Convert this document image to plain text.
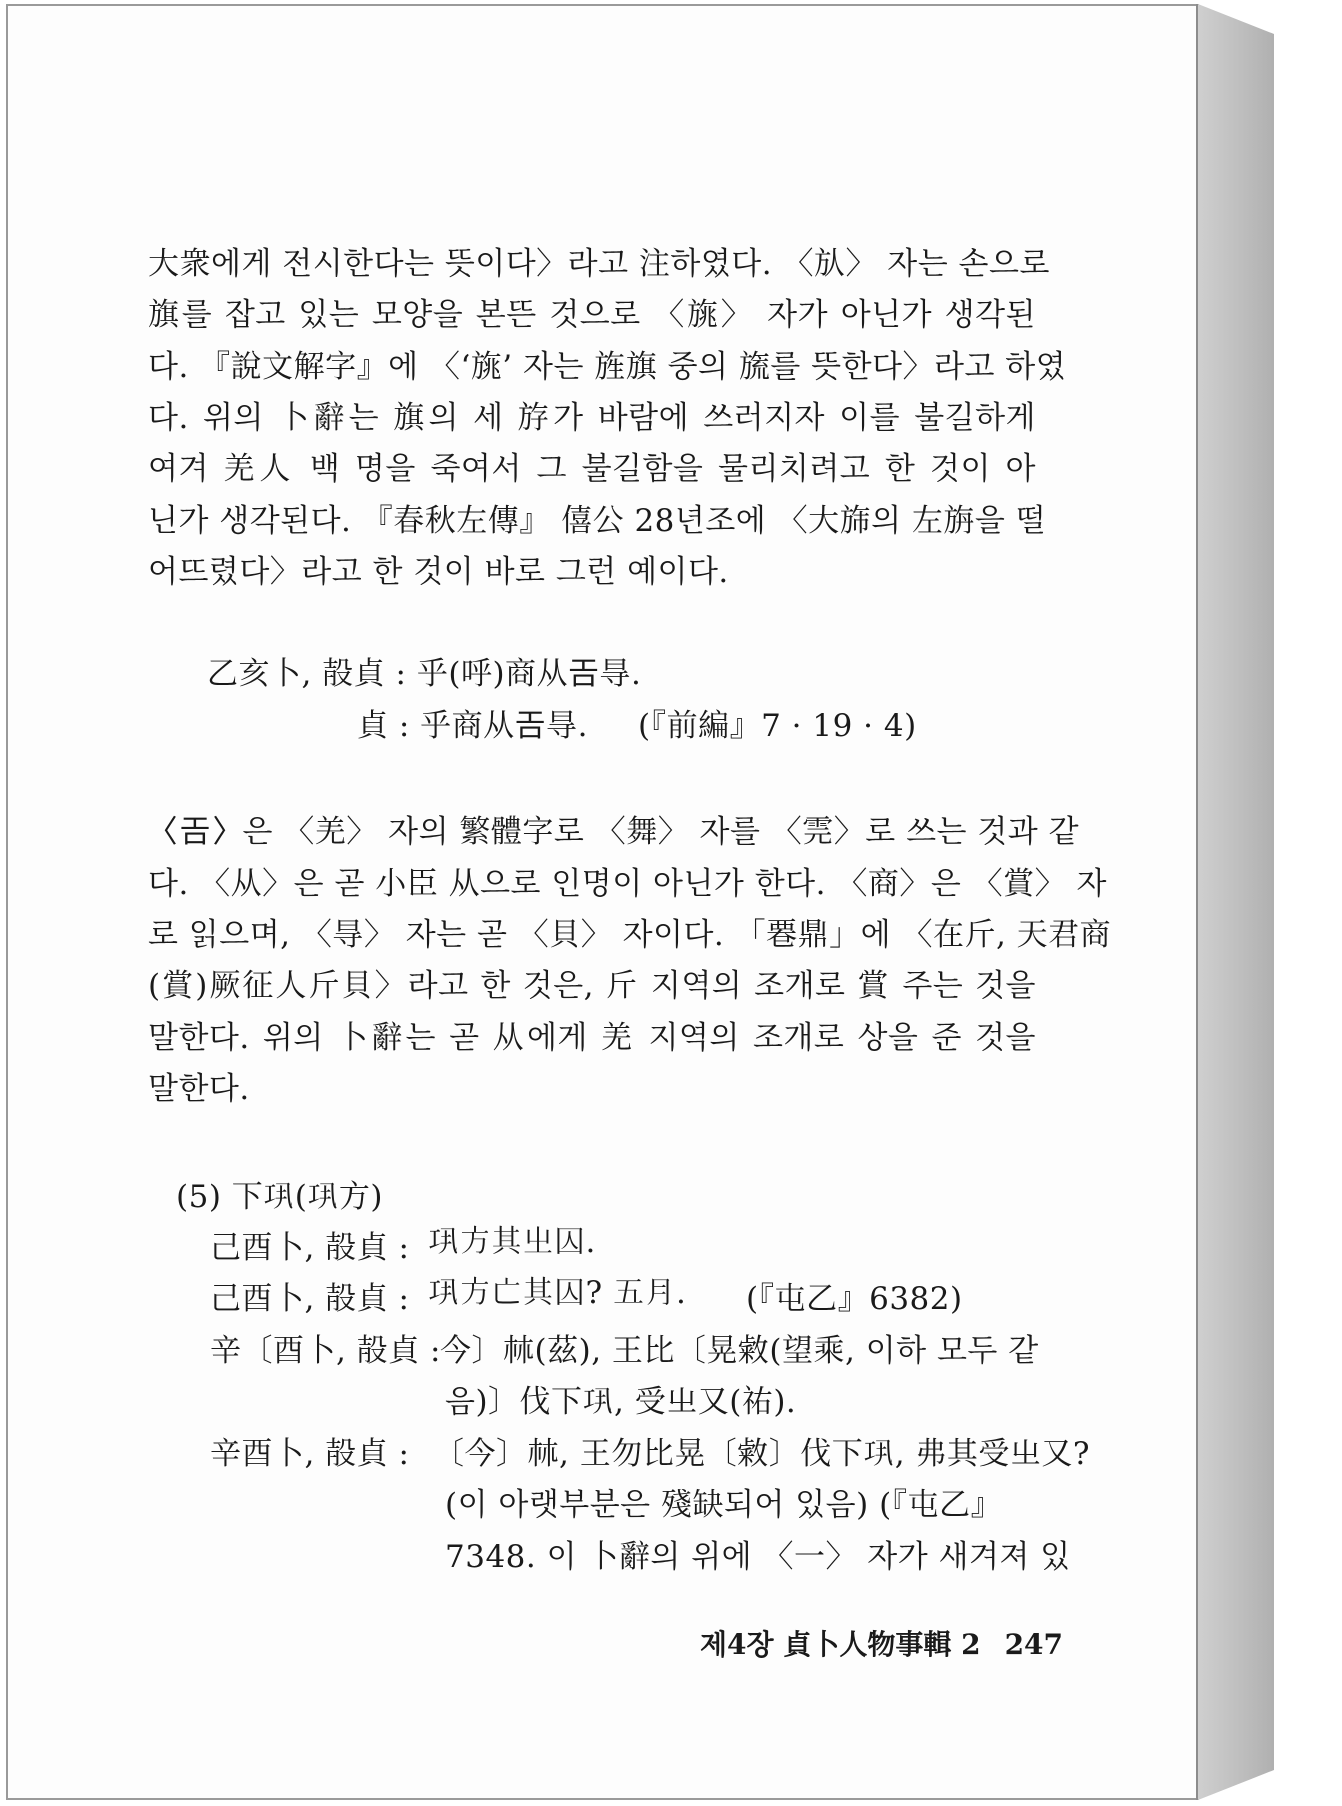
大衆에게 전시한다는 뜻이다〉라고 注하였다. 〈㫃〉 자는 손으로
旗를 잡고 있는 모양을 본뜬 것으로 〈旐〉 자가 아닌가 생각된
다. 『說文解字』에 〈‘旐’ 자는 旌旗 중의 旒를 뜻한다〉라고 하였
다. 위의 卜辭는 旗의 세 斿가 바람에 쓰러지자 이를 불길하게
여겨 羌人 백 명을 죽여서 그 불길함을 물리치려고 한 것이 아
닌가 생각된다. 『春秋左傳』 僖公 28년조에 〈大旆의 左旃을 떨
어뜨렸다〉라고 한 것이 바로 그런 예이다.
乙亥卜, 㱿貞 : 乎(呼)商从𢀛㝵.
貞 : 乎商从𢀛㝵. (『前編』7 · 19 · 4)
〈𢀛〉은 〈羌〉 자의 繁體字로 〈舞〉 자를 〈䨌〉로 쓰는 것과 같
다. 〈从〉은 곧 小臣 从으로 인명이 아닌가 한다. 〈商〉은 〈賞〉 자
로 읽으며, 〈㝵〉 자는 곧 〈貝〉 자이다. 「䙴鼎」에 〈在斤, 天君商
(賞)厥征人斤貝〉라고 한 것은, 斤 지역의 조개로 賞 주는 것을
말한다. 위의 卜辭는 곧 从에게 羌 지역의 조개로 상을 준 것을
말한다.
(5) 下𢀜(𢀜方)
己酉卜, 㱿貞 : 𢀜方其㞢囚.
己酉卜, 㱿貞 : 𢀜方亡其囚? 五月. (『屯乙』6382)
辛〔酉卜, 㱿貞 :
今〕𣏟(茲), 王比〔晃敹(望乘, 이하 모두 같
음)〕伐下𢀜, 受㞢又(祐).
辛酉卜, 㱿貞 : 〔今〕𣏟, 王勿比晃〔敹〕伐下𢀜, 弗其受㞢又?
(이 아랫부분은 殘缺되어 있음) (『屯乙』
7348. 이 卜辭의 위에 〈一〉 자가 새겨져 있
제4장 貞卜人物事輯 2 247
